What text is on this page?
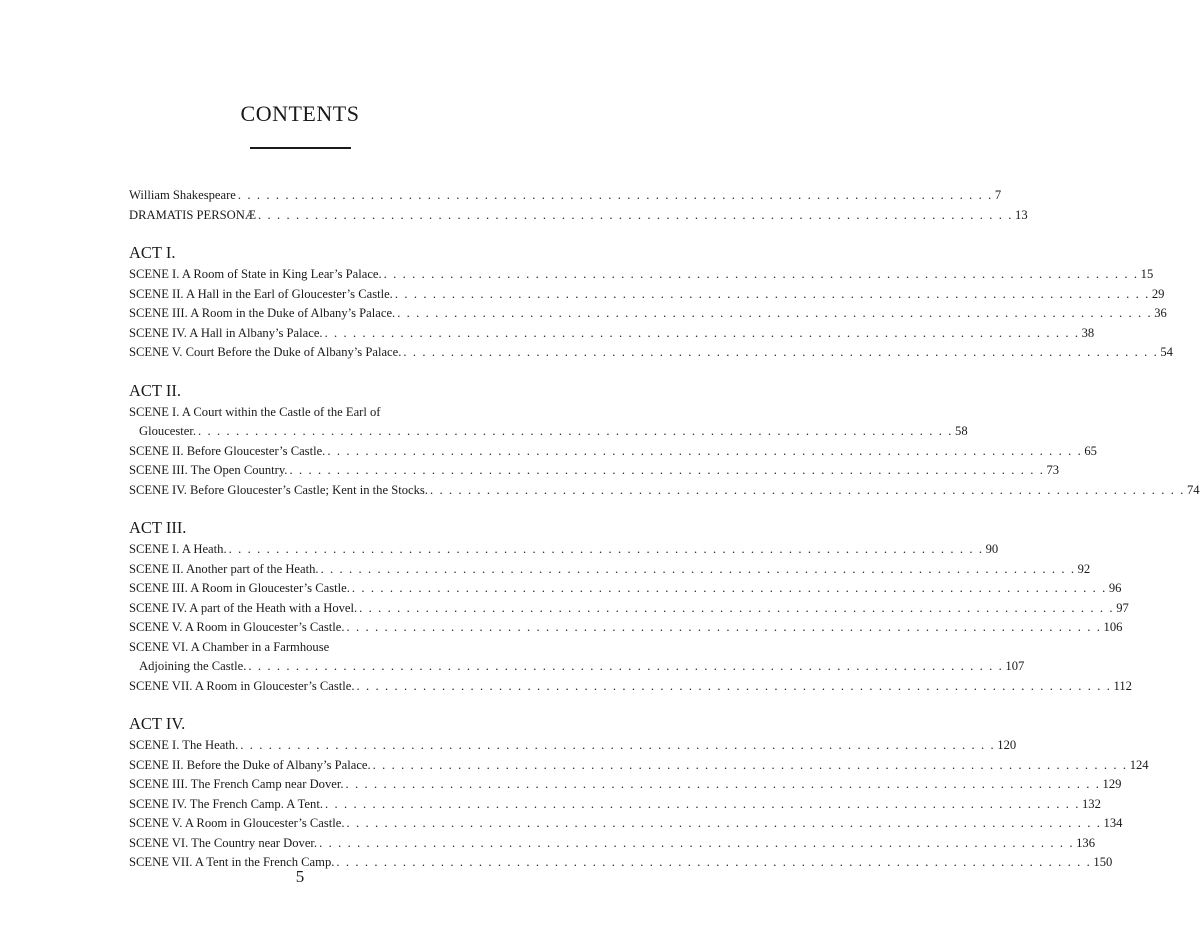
CONTENTS
William Shakespeare . . . . . . . . . . . . . . . . . . . . . . . . . . . . . . . . . . . . . . . . . . . . . . . . . . . . . . . . . . . . . . . . . . . . . . . . . . . . . . . . 7
DRAMATIS PERSONÆ . . . . . . . . . . . . . . . . . . . . . . . . . . . . . . . . . . . . . . . . . . . . . . . . . . . . . . . . . . . . . . . . . . . . . . . . . . . . . . . . 13
ACT I.
SCENE I. A Room of State in King Lear’s Palace. . . . . . . . . . . . . . . . . . . . . . . . . . . . . . . . . . . . . . . . . . . . . . . . . . . . . . . . . . . . . . . . . . . . . . . . . . . . . . . . . 15
SCENE II. A Hall in the Earl of Gloucester’s Castle. . . . . . . . . . . . . . . . . . . . . . . . . . . . . . . . . . . . . . . . . . . . . . . . . . . . . . . . . . . . . . . . . . . . . . . . . . . . . . . . . 29
SCENE III. A Room in the Duke of Albany’s Palace. . . . . . . . . . . . . . . . . . . . . . . . . . . . . . . . . . . . . . . . . . . . . . . . . . . . . . . . . . . . . . . . . . . . . . . . . . . . . . . . . 36
SCENE IV. A Hall in Albany’s Palace. . . . . . . . . . . . . . . . . . . . . . . . . . . . . . . . . . . . . . . . . . . . . . . . . . . . . . . . . . . . . . . . . . . . . . . . . . . . . . . . . 38
SCENE V. Court Before the Duke of Albany’s Palace. . . . . . . . . . . . . . . . . . . . . . . . . . . . . . . . . . . . . . . . . . . . . . . . . . . . . . . . . . . . . . . . . . . . . . . . . . . . . . . . . 54
ACT II.
SCENE I. A Court within the Castle of the Earl of
Gloucester. . . . . . . . . . . . . . . . . . . . . . . . . . . . . . . . . . . . . . . . . . . . . . . . . . . . . . . . . . . . . . . . . . . . . . . . . . . . . . . . . 58
SCENE II. Before Gloucester’s Castle. . . . . . . . . . . . . . . . . . . . . . . . . . . . . . . . . . . . . . . . . . . . . . . . . . . . . . . . . . . . . . . . . . . . . . . . . . . . . . . . . 65
SCENE III. The Open Country. . . . . . . . . . . . . . . . . . . . . . . . . . . . . . . . . . . . . . . . . . . . . . . . . . . . . . . . . . . . . . . . . . . . . . . . . . . . . . . . . 73
SCENE IV. Before Gloucester’s Castle; Kent in the Stocks. . . . . . . . . . . . . . . . . . . . . . . . . . . . . . . . . . . . . . . . . . . . . . . . . . . . . . . . . . . . . . . . . . . . . . . . . . . . . . . . . 74
ACT III.
SCENE I. A Heath. . . . . . . . . . . . . . . . . . . . . . . . . . . . . . . . . . . . . . . . . . . . . . . . . . . . . . . . . . . . . . . . . . . . . . . . . . . . . . . . . 90
SCENE II. Another part of the Heath. . . . . . . . . . . . . . . . . . . . . . . . . . . . . . . . . . . . . . . . . . . . . . . . . . . . . . . . . . . . . . . . . . . . . . . . . . . . . . . . . 92
SCENE III. A Room in Gloucester’s Castle. . . . . . . . . . . . . . . . . . . . . . . . . . . . . . . . . . . . . . . . . . . . . . . . . . . . . . . . . . . . . . . . . . . . . . . . . . . . . . . . . 96
SCENE IV. A part of the Heath with a Hovel. . . . . . . . . . . . . . . . . . . . . . . . . . . . . . . . . . . . . . . . . . . . . . . . . . . . . . . . . . . . . . . . . . . . . . . . . . . . . . . . . 97
SCENE V. A Room in Gloucester’s Castle. . . . . . . . . . . . . . . . . . . . . . . . . . . . . . . . . . . . . . . . . . . . . . . . . . . . . . . . . . . . . . . . . . . . . . . . . . . . . . . . . 106
SCENE VI. A Chamber in a Farmhouse
Adjoining the Castle. . . . . . . . . . . . . . . . . . . . . . . . . . . . . . . . . . . . . . . . . . . . . . . . . . . . . . . . . . . . . . . . . . . . . . . . . . . . . . . . . 107
SCENE VII. A Room in Gloucester’s Castle. . . . . . . . . . . . . . . . . . . . . . . . . . . . . . . . . . . . . . . . . . . . . . . . . . . . . . . . . . . . . . . . . . . . . . . . . . . . . . . . . 112
ACT IV.
SCENE I. The Heath. . . . . . . . . . . . . . . . . . . . . . . . . . . . . . . . . . . . . . . . . . . . . . . . . . . . . . . . . . . . . . . . . . . . . . . . . . . . . . . . . 120
SCENE II. Before the Duke of Albany’s Palace. . . . . . . . . . . . . . . . . . . . . . . . . . . . . . . . . . . . . . . . . . . . . . . . . . . . . . . . . . . . . . . . . . . . . . . . . . . . . . . . . 124
SCENE III. The French Camp near Dover. . . . . . . . . . . . . . . . . . . . . . . . . . . . . . . . . . . . . . . . . . . . . . . . . . . . . . . . . . . . . . . . . . . . . . . . . . . . . . . . . 129
SCENE IV. The French Camp. A Tent. . . . . . . . . . . . . . . . . . . . . . . . . . . . . . . . . . . . . . . . . . . . . . . . . . . . . . . . . . . . . . . . . . . . . . . . . . . . . . . . . 132
SCENE V. A Room in Gloucester’s Castle. . . . . . . . . . . . . . . . . . . . . . . . . . . . . . . . . . . . . . . . . . . . . . . . . . . . . . . . . . . . . . . . . . . . . . . . . . . . . . . . . 134
SCENE VI. The Country near Dover. . . . . . . . . . . . . . . . . . . . . . . . . . . . . . . . . . . . . . . . . . . . . . . . . . . . . . . . . . . . . . . . . . . . . . . . . . . . . . . . . 136
SCENE VII. A Tent in the French Camp. . . . . . . . . . . . . . . . . . . . . . . . . . . . . . . . . . . . . . . . . . . . . . . . . . . . . . . . . . . . . . . . . . . . . . . . . . . . . . . . . 150
5
